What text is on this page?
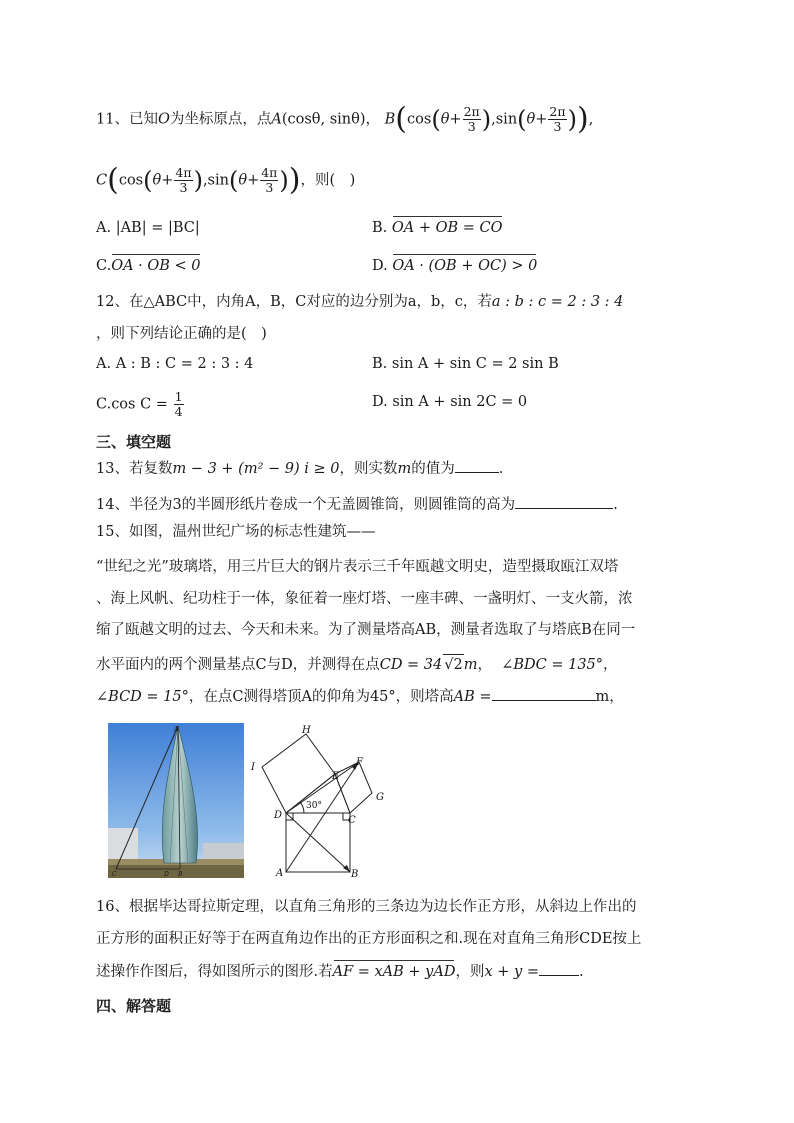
11、已知O为坐标原点，点A(cosθ, sinθ)， $B(\cos(\theta+ \frac{2\pi}{3} ),\sin(\theta+ \frac{2\pi}{3}$ )),
$C(\cos(\theta+ \frac{4\pi}{3} ),\sin(\theta+ \frac{4\pi}{3}$ ))，则(　)
A. |AB| = |BC|	B. OA + OB = CO
C.OA · OB < 0	D. OA · (OB + OC) > 0
12、在△ABC中，内角A，B，C对应的边分别为a，b，c，若a : b : c = 2 : 3 : 4
，则下列结论正确的是(　)
A. A : B : C = 2 : 3 : 4	B. sin A + sin C = 2 sin B
C.cos $C = \frac{1}{4}$	D. sin A + sin 2C = 0
三、填空题
13、若复数m − 3 + (m² − 9) i ≥ 0，则实数m的值为	.
14、半径为3的半圆形纸片卷成一个无盖圆锥筒，则圆锥筒的高为	.
15、如图，温州世纪广场的标志性建筑——
“世纪之光”玻璃塔，用三片巨大的钢片表示三千年瓯越文明史，造型摄取瓯江双塔
、海上风帆、纪功柱于一体，象征着一座灯塔、一座丰碑、一盏明灯、一支火箭，浓
缩了瓯越文明的过去、今天和未来。为了测量塔高AB，测量者选取了与塔底B在同一
水平面内的两个测量基点C与D，并测得在点CD = 34 √2m， ∠BDC = 135°，
∠BCD = 15°，在点C测得塔顶A的仰角为45°，则塔高AB =	m，
A
B
D
C
H
I
E
F
G
D	C
A	B
30°
16、根据毕达哥拉斯定理，以直角三角形的三条边为边长作正方形，从斜边上作出的
正方形的面积正好等于在两直角边作出的正方形面积之和.现在对直角三角形CDE按上
述操作作图后，得如图所示的图形.若AF = xAB + yAD，则x + y =	.
四、解答题
